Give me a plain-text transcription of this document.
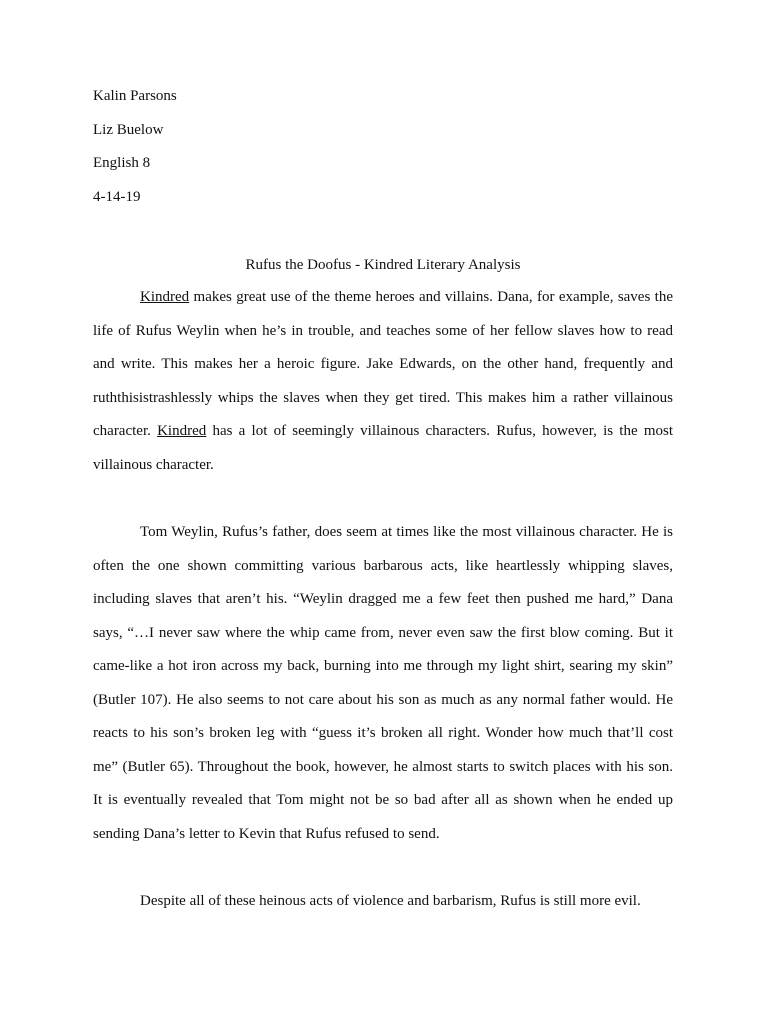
Kalin Parsons

Liz Buelow

English 8

4-14-19

Rufus the Doofus - Kindred Literary Analysis

Kindred makes great use of the theme heroes and villains. Dana, for example, saves the life of Rufus Weylin when he’s in trouble, and teaches some of her fellow slaves how to read and write. This makes her a heroic figure. Jake Edwards, on the other hand, frequently and ruththisistrashlessly whips the slaves when they get tired. This makes him a rather villainous character. Kindred has a lot of seemingly villainous characters. Rufus, however, is the most villainous character.

Tom Weylin, Rufus’s father, does seem at times like the most villainous character. He is often the one shown committing various barbarous acts, like heartlessly whipping slaves, including slaves that aren’t his. “Weylin dragged me a few feet then pushed me hard,” Dana says, “…I never saw where the whip came from, never even saw the first blow coming. But it came-like a hot iron across my back, burning into me through my light shirt, searing my skin” (Butler 107). He also seems to not care about his son as much as any normal father would. He reacts to his son’s broken leg with “guess it’s broken all right. Wonder how much that’ll cost me” (Butler 65). Throughout the book, however, he almost starts to switch places with his son. It is eventually revealed that Tom might not be so bad after all as shown when he ended up sending Dana’s letter to Kevin that Rufus refused to send.

Despite all of these heinous acts of violence and barbarism, Rufus is still more evil.
